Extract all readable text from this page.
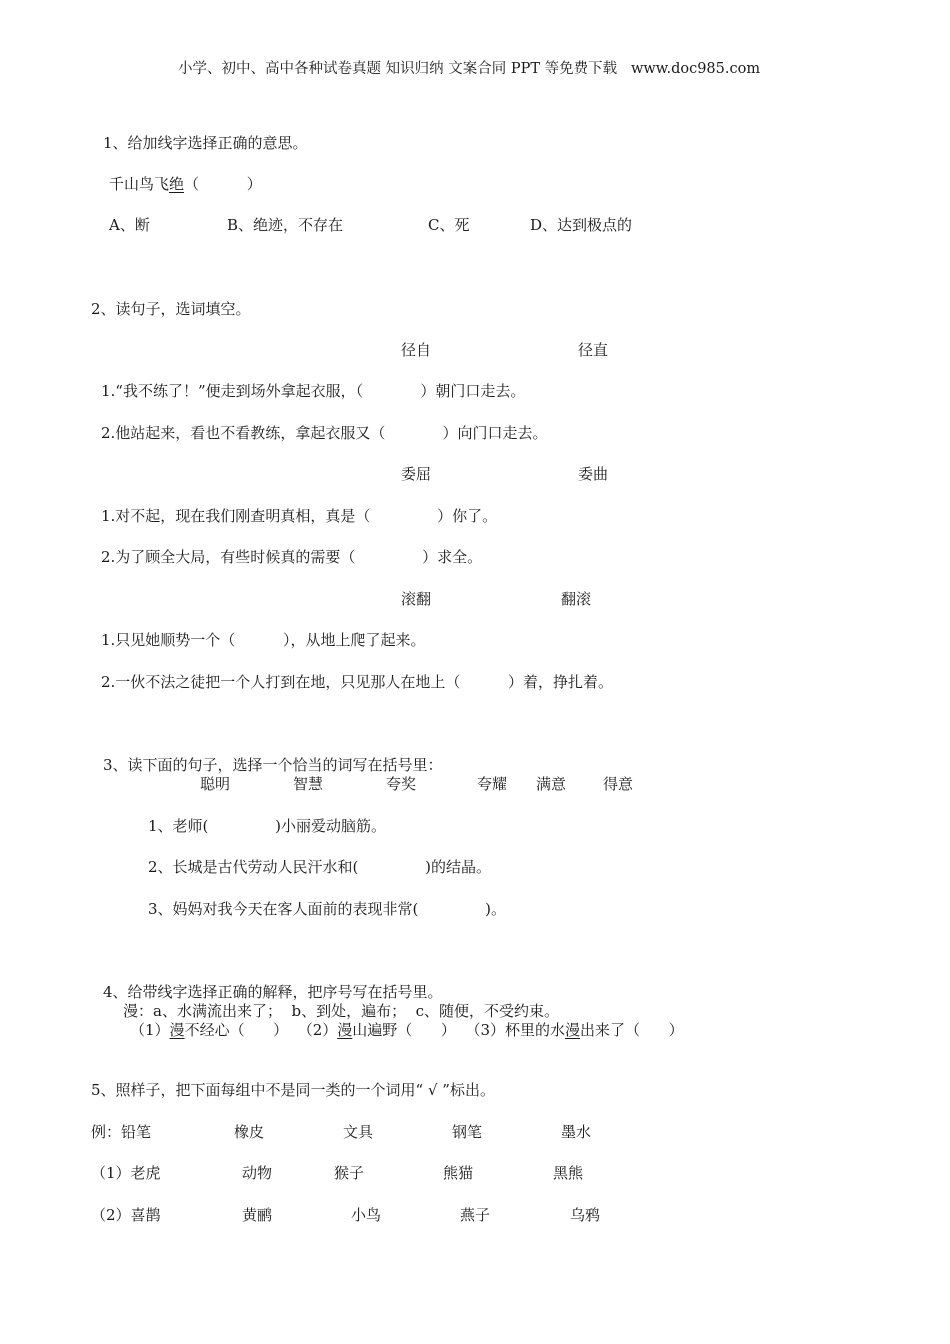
小学、初中、高中各种试卷真题 知识归纳 文案合同 PPT 等免费下载   www.doc985.com
1、给加线字选择正确的意思。
千山鸟飞绝（          ）
A、断	B、绝迹，不存在	C、死	D、达到极点的
2、读句子，选词填空。
径自	径直
1.“我不练了！”便走到场外拿起衣服，（            ）朝门口走去。
2.他站起来，看也不看教练，拿起衣服又（            ）向门口走去。
委屈	委曲
1.对不起，现在我们刚查明真相，真是（              ）你了。
2.为了顾全大局，有些时候真的需要（              ）求全。
滚翻	翻滚
1.只见她顺势一个（          ），从地上爬了起来。
2.一伙不法之徒把一个人打到在地，只见那人在地上（          ）着，挣扎着。
3、读下面的句子，选择一个恰当的词写在括号里：
聪明	智慧	夸奖	夸耀 满意 得意
1、老师(              )小丽爱动脑筋。
2、长城是古代劳动人民汗水和(              )的结晶。
3、妈妈对我今天在客人面前的表现非常(              )。
4、给带线字选择正确的解释，把序号写在括号里。
漫：a、水满流出来了；  b、到处，遍布；  c、随便，不受约束。
（1）漫不经心（      ） （2）漫山遍野（      ） （3）杯里的水漫出来了（      ）
5、照样子，把下面每组中不是同一类的一个词用“ √ ”标出。
例：铅笔	橡皮	文具	钢笔	墨水
（1）老虎	动物	猴子	熊猫	黑熊
（2）喜鹊	黄鹂	小鸟	燕子	乌鸦
